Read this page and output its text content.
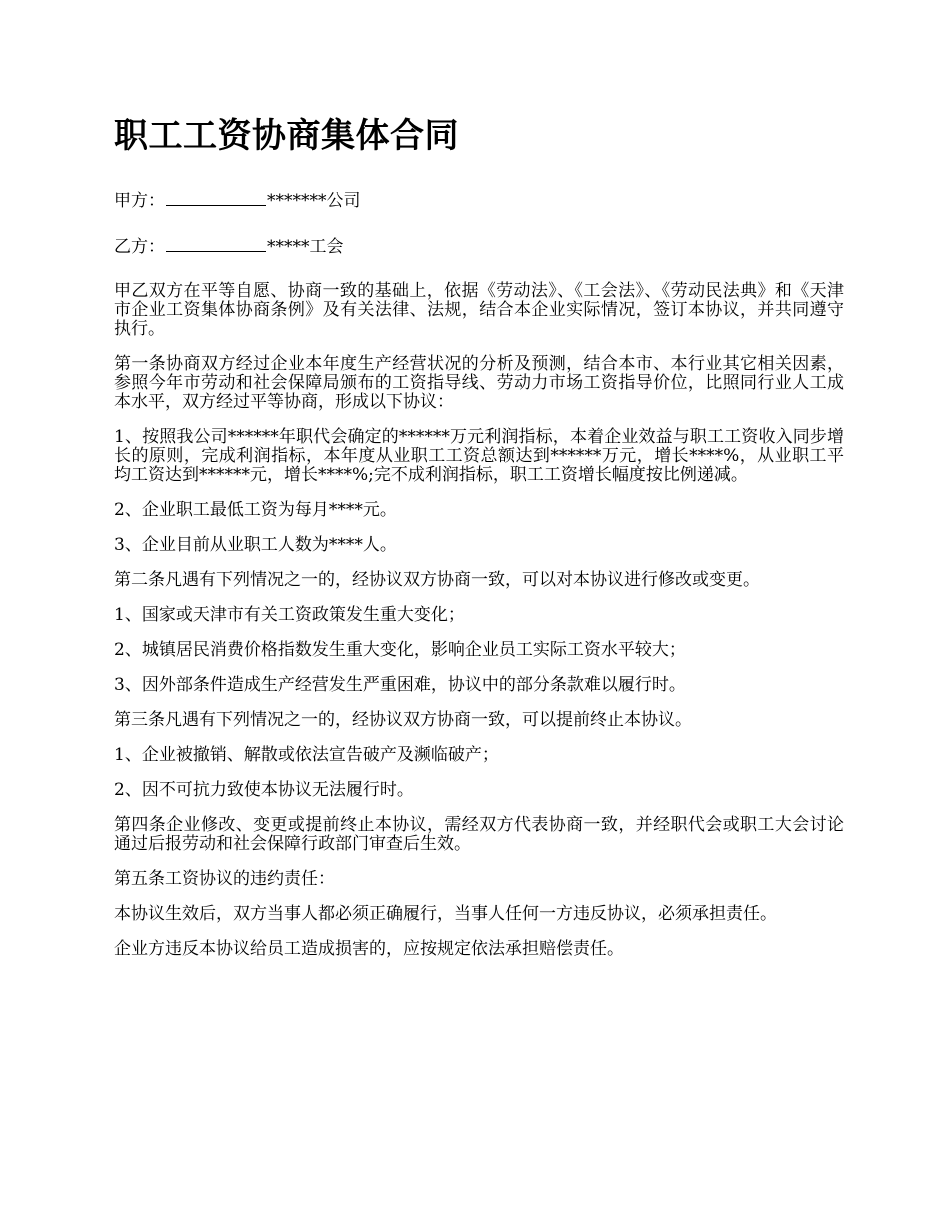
职工工资协商集体合同

甲方：	*******公司

乙方：	*****工会

甲乙双方在平等自愿、协商一致的基础上，依据《劳动法》、《工会法》、《劳动民法典》和《天津市企业工资集体协商条例》及有关法律、法规，结合本企业实际情况，签订本协议，并共同遵守执行。

第一条协商双方经过企业本年度生产经营状况的分析及预测，结合本市、本行业其它相关因素，参照今年市劳动和社会保障局颁布的工资指导线、劳动力市场工资指导价位，比照同行业人工成本水平，双方经过平等协商，形成以下协议：

1、按照我公司******年职代会确定的******万元利润指标，本着企业效益与职工工资收入同步增长的原则，完成利润指标，本年度从业职工工资总额达到******万元，增长****%，从业职工平均工资达到******元，增长****%;完不成利润指标，职工工资增长幅度按比例递减。

2、企业职工最低工资为每月****元。

3、企业目前从业职工人数为****人。

第二条凡遇有下列情况之一的，经协议双方协商一致，可以对本协议进行修改或变更。

1、国家或天津市有关工资政策发生重大变化；

2、城镇居民消费价格指数发生重大变化，影响企业员工实际工资水平较大；

3、因外部条件造成生产经营发生严重困难，协议中的部分条款难以履行时。

第三条凡遇有下列情况之一的，经协议双方协商一致，可以提前终止本协议。

1、企业被撤销、解散或依法宣告破产及濒临破产；

2、因不可抗力致使本协议无法履行时。

第四条企业修改、变更或提前终止本协议，需经双方代表协商一致，并经职代会或职工大会讨论通过后报劳动和社会保障行政部门审查后生效。

第五条工资协议的违约责任：

本协议生效后，双方当事人都必须正确履行，当事人任何一方违反协议，必须承担责任。

企业方违反本协议给员工造成损害的，应按规定依法承担赔偿责任。
